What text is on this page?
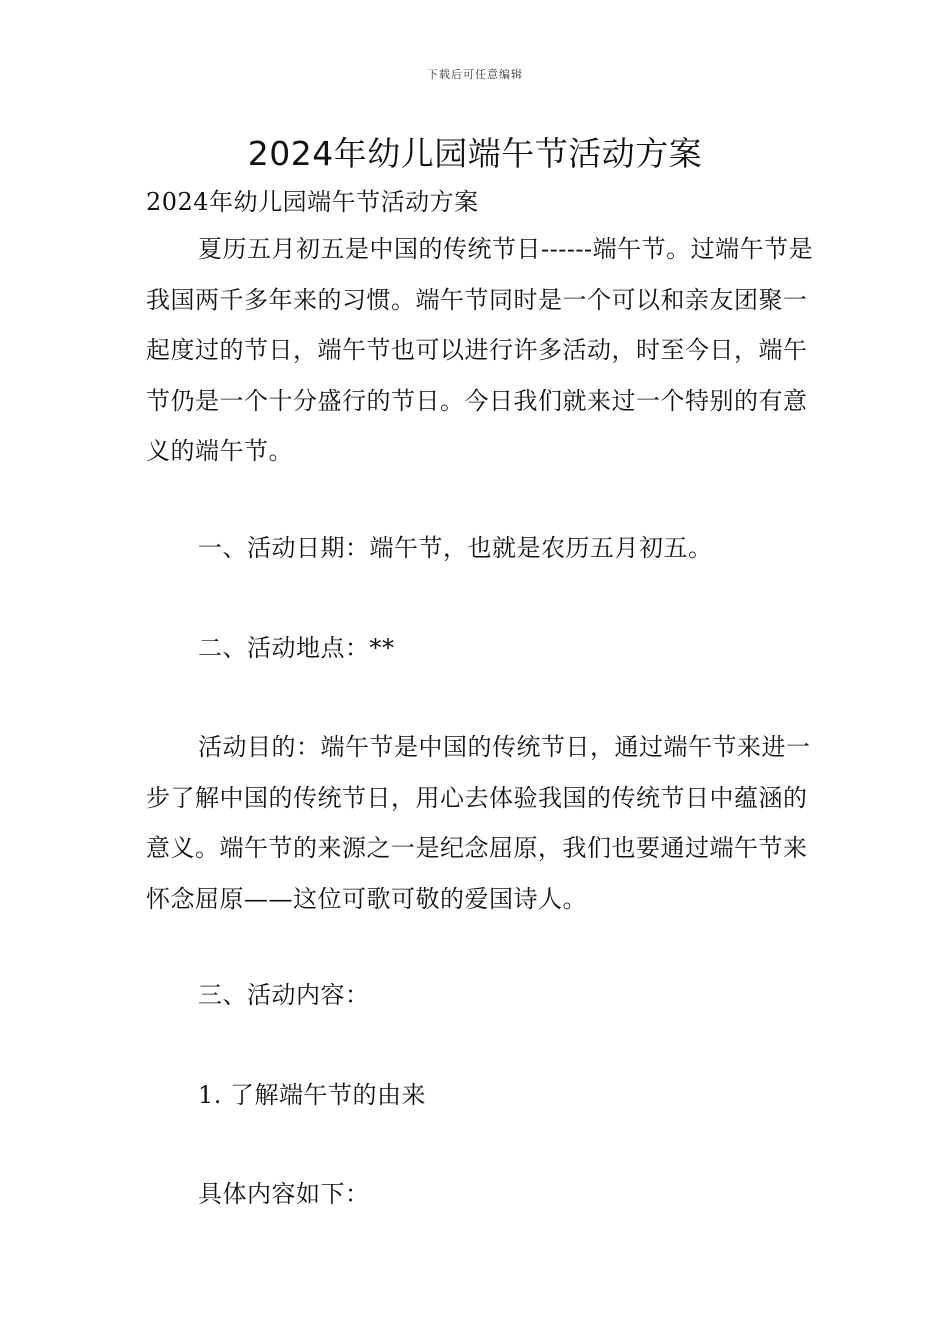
下载后可任意编辑
2024年幼儿园端午节活动方案

2024年幼儿园端午节活动方案

夏历五月初五是中国的传统节日------端午节。过端午节是我国两千多年来的习惯。端午节同时是一个可以和亲友团聚一起度过的节日，端午节也可以进行许多活动，时至今日，端午节仍是一个十分盛行的节日。今日我们就来过一个特别的有意义的端午节。

一、活动日期：端午节，也就是农历五月初五。

二、活动地点：**

活动目的：端午节是中国的传统节日，通过端午节来进一步了解中国的传统节日，用心去体验我国的传统节日中蕴涵的意义。端午节的来源之一是纪念屈原，我们也要通过端午节来怀念屈原——这位可歌可敬的爱国诗人。

三、活动内容：

1. 了解端午节的由来

具体内容如下：
